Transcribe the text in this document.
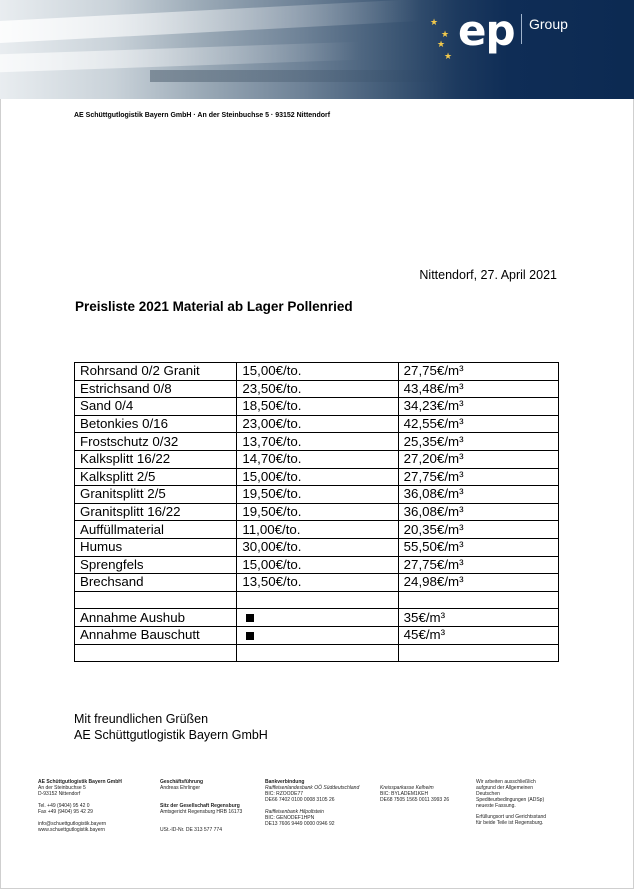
★
★
★
★
ep Group
AE Schüttgutlogistik Bayern GmbH · An der Steinbuchse 5 · 93152 Nittendorf
Nittendorf, 27. April 2021
Preisliste 2021 Material ab Lager Pollenried
Rohrsand 0/2 Granit	15,00€/to.	27,75€/m³
Estrichsand 0/8	23,50€/to.	43,48€/m³
Sand 0/4	18,50€/to.	34,23€/m³
Betonkies 0/16	23,00€/to.	42,55€/m³
Frostschutz 0/32	13,70€/to.	25,35€/m³
Kalksplitt 16/22	14,70€/to.	27,20€/m³
Kalksplitt 2/5	15,00€/to.	27,75€/m³
Granitsplitt 2/5	19,50€/to.	36,08€/m³
Granitsplitt 16/22	19,50€/to.	36,08€/m³
Auffüllmaterial	11,00€/to.	20,35€/m³
Humus	30,00€/to.	55,50€/m³
Sprengfels	15,00€/to.	27,75€/m³
Brechsand	13,50€/to.	24,98€/m³

Annahme Aushub		35€/m³
Annahme Bauschutt		45€/m³

Mit freundlichen Grüßen
AE Schüttgutlogistik Bayern GmbH
AE Schüttgutlogistik Bayern GmbH
An der Steinbuchse 5
D-93152 Nittendorf
Tel. +49 (9404) 95 42 0
Fax +49 (9404) 95 42 29
info@schuettgutlogistik.bayern
www.schuettgutlogistik.bayern
Geschäftsführung
Andreas Ehrlinger
Sitz der Gesellschaft Regensburg
Amtsgericht Regensburg HRB 16173
USt.-ID-Nr. DE 313 577 774
Bankverbindung
Raiffeisenlandesbank OÖ Süddeutschland
BIC: RZOODE77
DE66 7402 0100 0008 3105 26
Raiffeisenbank Hilpoltstein
BIC: GENODEF1HPN
DE13 7606 9449 0000 0946 92
Kreissparkasse Kelheim
BIC: BYLADEM1KEH
DE68 7505 1565 0011 3993 26
Wir arbeiten ausschließlich
aufgrund der Allgemeinen
Deutschen
Spediteurbedingungen (ADSp)
neueste Fassung.
Erfüllungsort und Gerichtsstand
für beide Teile ist Regensburg.
